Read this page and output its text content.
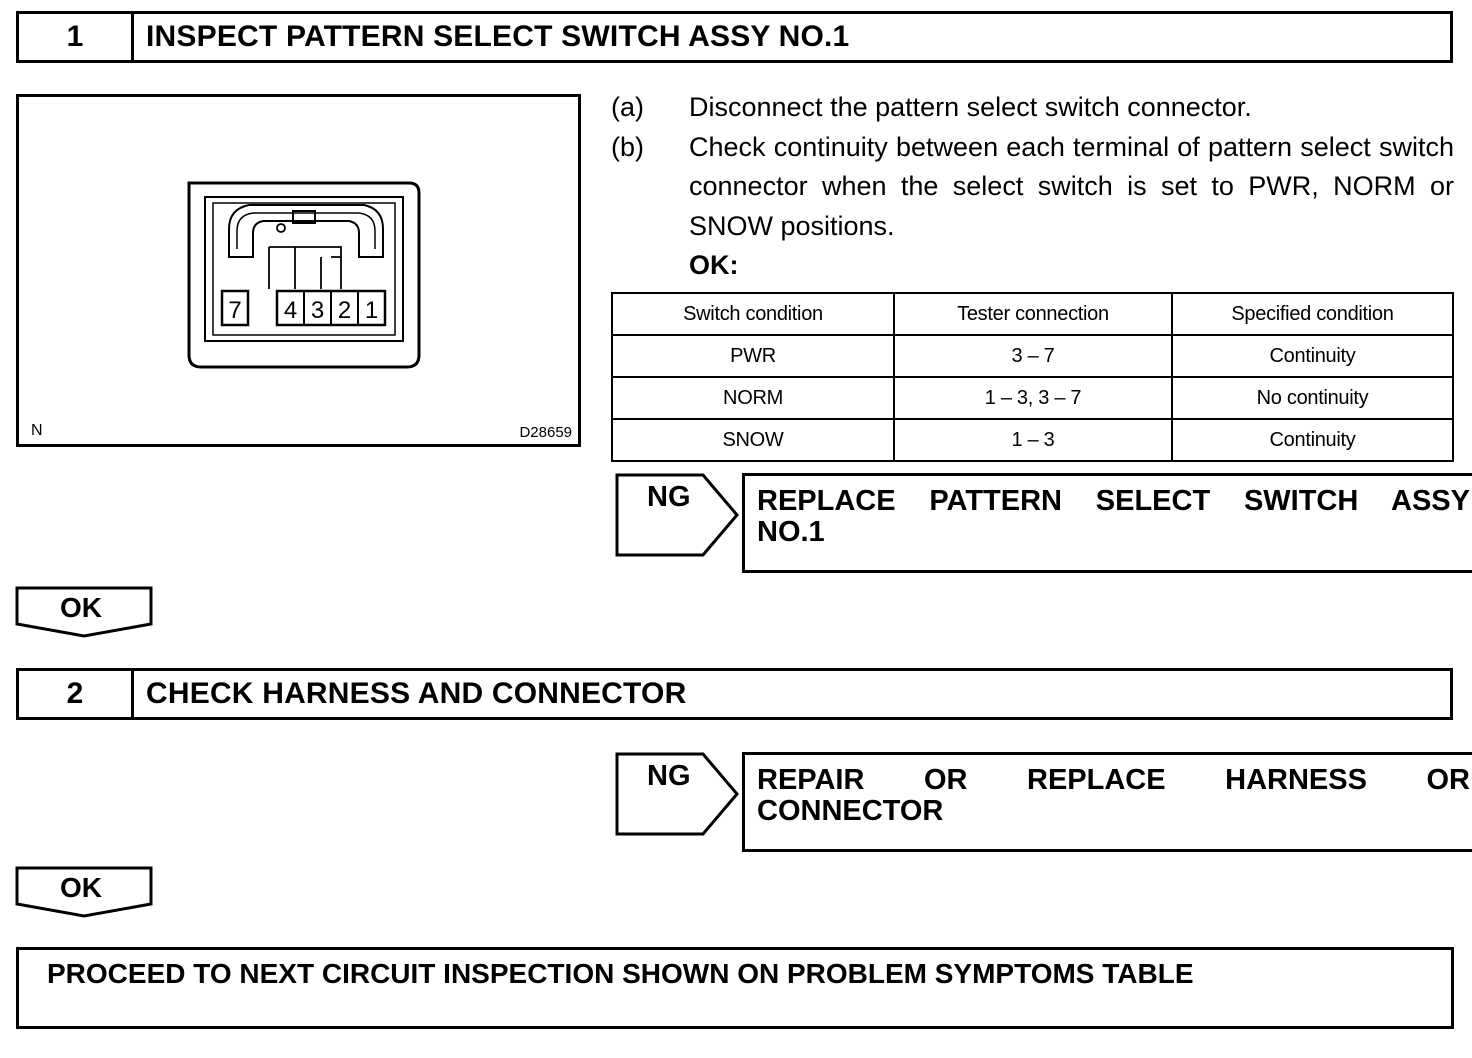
1	INSPECT PATTERN SELECT SWITCH ASSY NO.1
7 4 3 2 1
N	D28659
(a)	Disconnect the pattern select switch connector.
(b)	Check continuity between each terminal of pattern select switch connector when the select switch is set to PWR, NORM or SNOW positions.
OK:
Switch condition	Tester connection	Specified condition
PWR	3 – 7	Continuity
NORM	1 – 3, 3 – 7	No continuity
SNOW	1 – 3	Continuity
NG REPLACE PATTERN SELECT SWITCH ASSY
NO.1
OK
2	CHECK HARNESS AND CONNECTOR
NG REPAIR OR REPLACE HARNESS OR
CONNECTOR
OK
PROCEED TO NEXT CIRCUIT INSPECTION SHOWN ON PROBLEM SYMPTOMS TABLE
